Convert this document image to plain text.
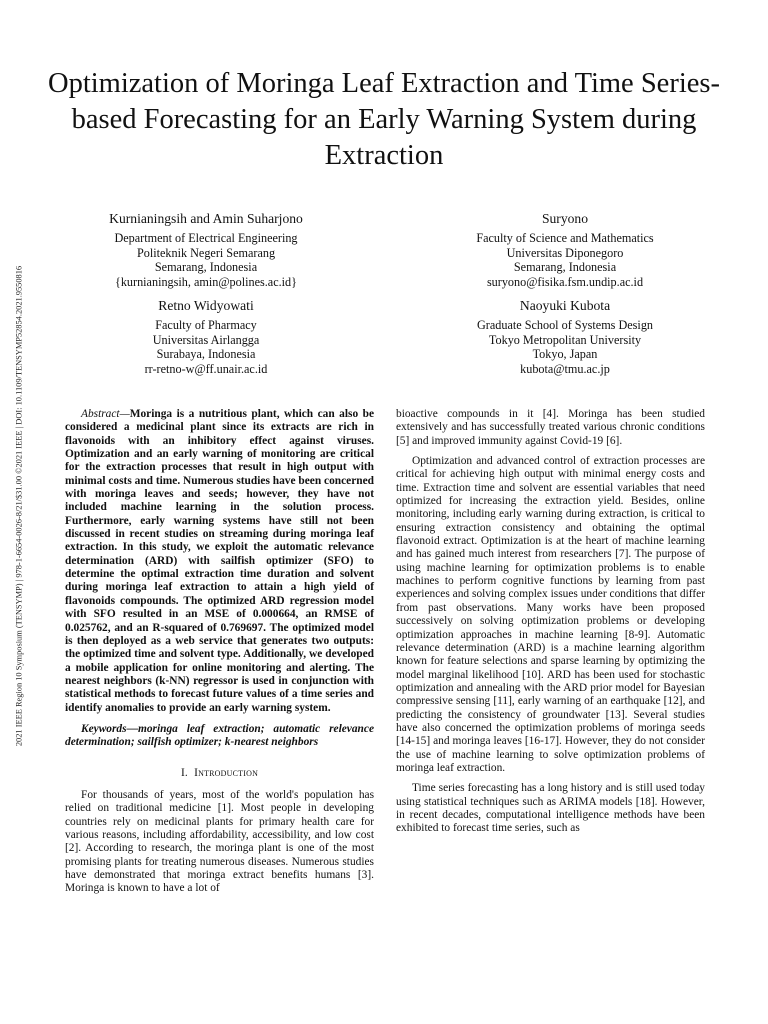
2021 IEEE Region 10 Symposium (TENSYMP) | 978-1-6654-0026-8/21/$31.00 ©2021 IEEE | DOI: 10.1109/TENSYMP52854.2021.9550816
Optimization of Moringa Leaf Extraction and Time Series-based Forecasting for an Early Warning System during Extraction
Kurnianingsih and Amin Suharjono
Department of Electrical Engineering
Politeknik Negeri Semarang
Semarang, Indonesia
{kurnianingsih, amin@polines.ac.id}
Suryono
Faculty of Science and Mathematics
Universitas Diponegoro
Semarang, Indonesia
suryono@fisika.fsm.undip.ac.id
Retno Widyowati
Faculty of Pharmacy
Universitas Airlangga
Surabaya, Indonesia
rr-retno-w@ff.unair.ac.id
Naoyuki Kubota
Graduate School of Systems Design
Tokyo Metropolitan University
Tokyo, Japan
kubota@tmu.ac.jp

Abstract—Moringa is a nutritious plant, which can also be considered a medicinal plant since its extracts are rich in flavonoids with an inhibitory effect against viruses. Optimization and an early warning of monitoring are critical for the extraction processes that result in high output with minimal costs and time. Numerous studies have been concerned with moringa leaves and seeds; however, they have not included machine learning in the solution process. Furthermore, early warning systems have still not been discussed in recent studies on streaming during moringa leaf extraction. In this study, we exploit the automatic relevance determination (ARD) with sailfish optimizer (SFO) to determine the optimal extraction time duration and solvent during moringa leaf extraction to attain a high yield of flavonoids compounds. The optimized ARD regression model with SFO resulted in an MSE of 0.000664, an RMSE of 0.025762, and an R-squared of 0.769697. The optimized model is then deployed as a web service that generates two outputs: the optimized time and solvent type. Additionally, we developed a mobile application for online monitoring and alerting. The nearest neighbors (k-NN) regressor is used in conjunction with statistical methods to forecast future values of a time series and identify anomalies to provide an early warning system.

Keywords—moringa leaf extraction; automatic relevance determination; sailfish optimizer; k-nearest neighbors

I. Introduction

For thousands of years, most of the world's population has relied on traditional medicine [1]. Most people in developing countries rely on medicinal plants for primary health care for various reasons, including affordability, accessibility, and low cost [2]. According to research, the moringa plant is one of the most promising plants for treating numerous diseases. Numerous studies have demonstrated that moringa extract benefits humans [3]. Moringa is known to have a lot of

bioactive compounds in it [4]. Moringa has been studied extensively and has successfully treated various chronic conditions [5] and improved immunity against Covid-19 [6].

Optimization and advanced control of extraction processes are critical for achieving high output with minimal energy costs and time. Extraction time and solvent are essential variables that need optimized for increasing the extraction yield. Besides, online monitoring, including early warning during extraction, is critical to ensuring extraction consistency and obtaining the optimal flavonoid extract. Optimization is at the heart of machine learning and has gained much interest from researchers [7]. The purpose of using machine learning for optimization problems is to enable machines to perform cognitive functions by learning from past experiences and solving complex issues under conditions that differ from past observations. Many works have been proposed successively on solving optimization problems or developing optimization approaches in machine learning [8-9]. Automatic relevance determination (ARD) is a machine learning algorithm known for feature selections and sparse learning by optimizing the model marginal likelihood [10]. ARD has been used for stochastic optimization and annealing with the ARD prior model for Bayesian compressive sensing [11], early warning of an earthquake [12], and predicting the consistency of groundwater [13]. Several studies have also concerned the optimization problems of moringa seeds [14-15] and moringa leaves [16-17]. However, they do not consider the use of machine learning to solve optimization problems of moringa leaf extraction.

Time series forecasting has a long history and is still used today using statistical techniques such as ARIMA models [18]. However, in recent decades, computational intelligence methods have been exhibited to forecast time series, such as
